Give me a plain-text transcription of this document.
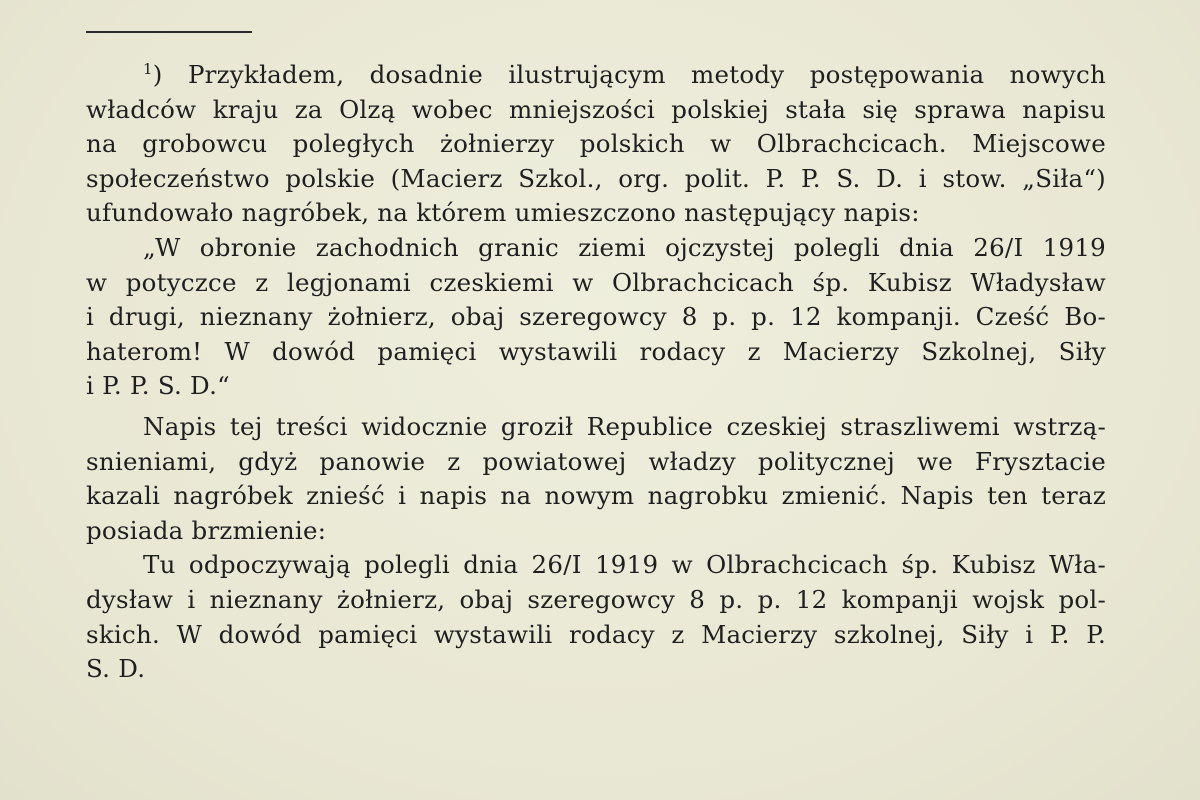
$^1$) Przykładem, dosadnie ilustrującym metody postępowania nowych
władców kraju za Olzą wobec mniejszości polskiej stała się sprawa napisu
na grobowcu poległych żołnierzy polskich w Olbrachcicach. Miejscowe
społeczeństwo polskie (Macierz Szkol., org. polit. P. P. S. D. i stow. „Siła“)
ufundowało nagróbek, na którem umieszczono następujący napis:
„W obronie zachodnich granic ziemi ojczystej polegli dnia 26/I 1919
w potyczce z legjonami czeskiemi w Olbrachcicach śp. Kubisz Władysław
i drugi, nieznany żołnierz, obaj szeregowcy 8 p. p. 12 kompanji. Cześć Bo-
haterom! W dowód pamięci wystawili rodacy z Macierzy Szkolnej, Siły
i P. P. S. D.“
Napis tej treści widocznie groził Republice czeskiej straszliwemi wstrzą-
snieniami, gdyż panowie z powiatowej władzy politycznej we Frysztacie
kazali nagróbek znieść i napis na nowym nagrobku zmienić. Napis ten teraz
posiada brzmienie:
Tu odpoczywają polegli dnia 26/I 1919 w Olbrachcicach śp. Kubisz Wła-
dysław i nieznany żołnierz, obaj szeregowcy 8 p. p. 12 kompanji wojsk pol-
skich. W dowód pamięci wystawili rodacy z Macierzy szkolnej, Siły i P. P.
S. D.
